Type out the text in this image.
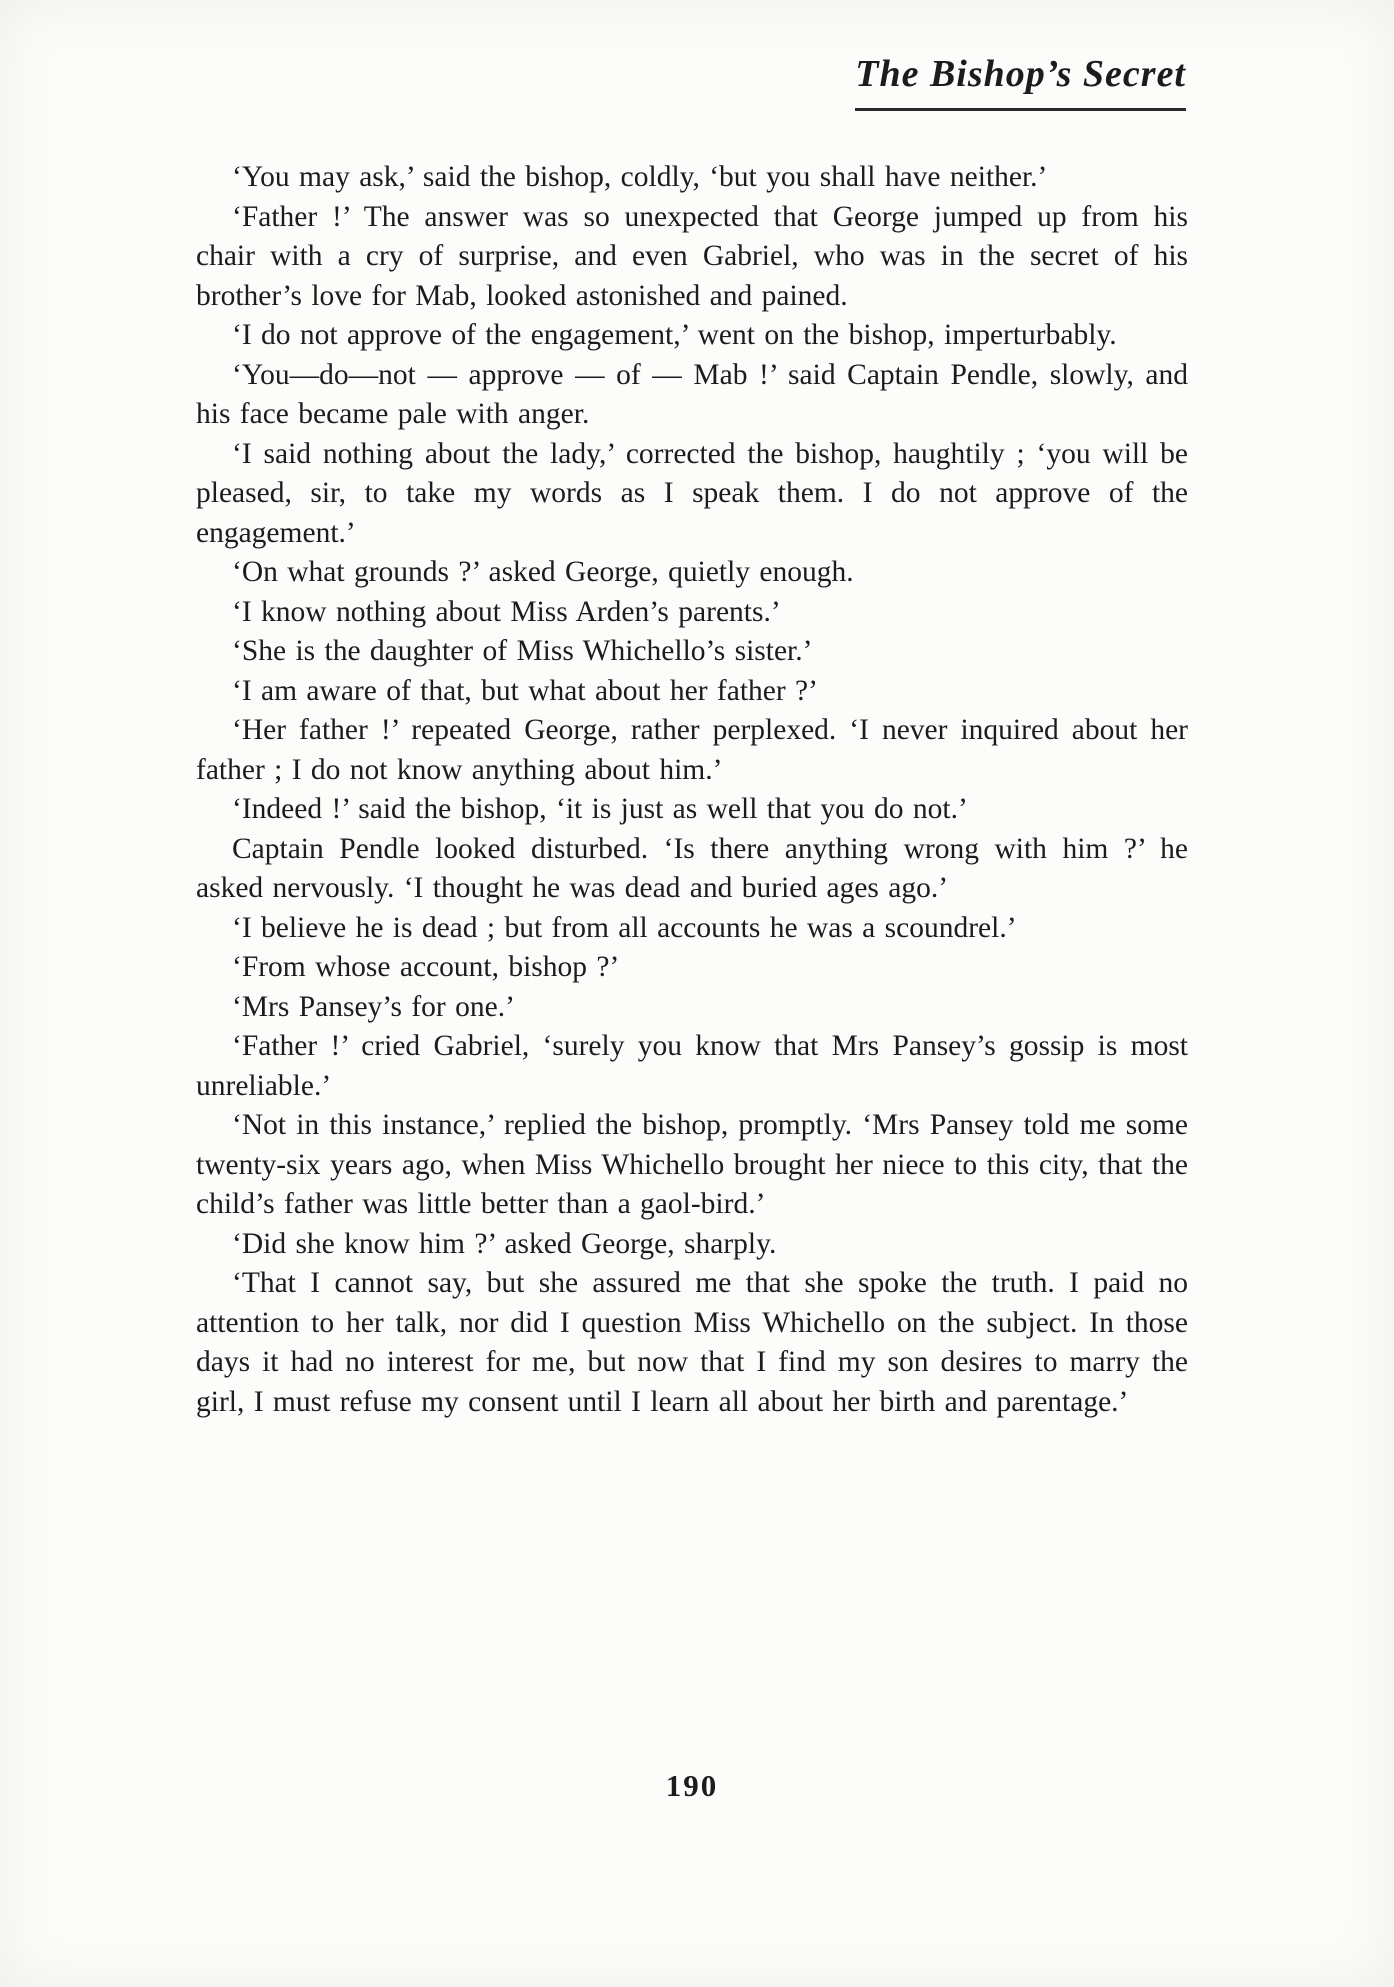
The Bishop’s Secret

‘You may ask,’ said the bishop, coldly, ‘but you shall have neither.’

‘Father !’ The answer was so unexpected that George jumped up from his chair with a cry of surprise, and even Gabriel, who was in the secret of his brother’s love for Mab, looked astonished and pained.

‘I do not approve of the engagement,’ went on the bishop, imperturbably.

‘You—do—not — approve — of — Mab !’ said Captain Pendle, slowly, and his face became pale with anger.

‘I said nothing about the lady,’ corrected the bishop, haughtily ; ‘you will be pleased, sir, to take my words as I speak them. I do not approve of the engagement.’

‘On what grounds ?’ asked George, quietly enough.

‘I know nothing about Miss Arden’s parents.’

‘She is the daughter of Miss Whichello’s sister.’

‘I am aware of that, but what about her father ?’

‘Her father !’ repeated George, rather perplexed. ‘I never inquired about her father ; I do not know anything about him.’

‘Indeed !’ said the bishop, ‘it is just as well that you do not.’

Captain Pendle looked disturbed. ‘Is there anything wrong with him ?’ he asked nervously. ‘I thought he was dead and buried ages ago.’

‘I believe he is dead ; but from all accounts he was a scoundrel.’

‘From whose account, bishop ?’

‘Mrs Pansey’s for one.’

‘Father !’ cried Gabriel, ‘surely you know that Mrs Pansey’s gossip is most unreliable.’

‘Not in this instance,’ replied the bishop, promptly. ‘Mrs Pansey told me some twenty-six years ago, when Miss Whichello brought her niece to this city, that the child’s father was little better than a gaol-bird.’

‘Did she know him ?’ asked George, sharply.

‘That I cannot say, but she assured me that she spoke the truth. I paid no attention to her talk, nor did I question Miss Whichello on the subject. In those days it had no interest for me, but now that I find my son desires to marry the girl, I must refuse my consent until I learn all about her birth and parentage.’

190
